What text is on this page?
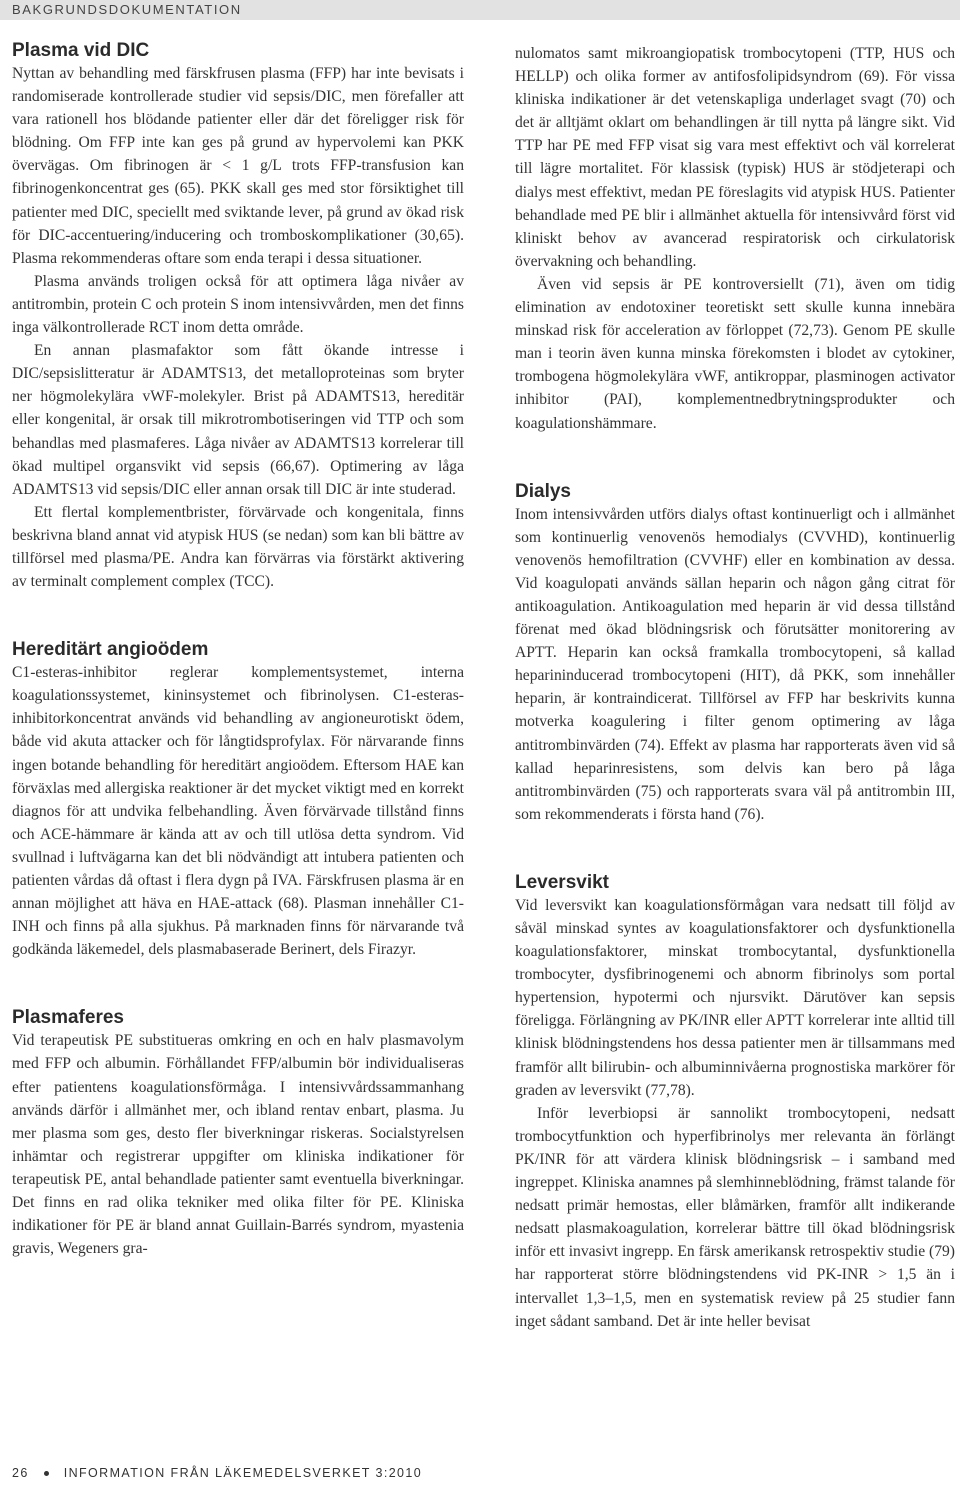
BAKGRUNDSDOKUMENTATION
Plasma vid DIC

Nyttan av behandling med färskfrusen plasma (FFP) har inte bevisats i randomiserade kontrollerade studier vid sepsis/DIC, men förefaller att vara rationell hos blödande patienter eller där det föreligger risk för blödning. Om FFP inte kan ges på grund av hypervolemi kan PKK övervägas. Om fibrinogen är < 1 g/L trots FFP-transfusion kan fibrinogenkoncentrat ges (65). PKK skall ges med stor försiktighet till patienter med DIC, speciellt med sviktande lever, på grund av ökad risk för DIC-accentuering/inducering och tromboskomplikationer (30,65). Plasma rekommenderas oftare som enda terapi i dessa situationer.

Plasma används troligen också för att optimera låga nivåer av antitrombin, protein C och protein S inom intensivvården, men det finns inga välkontrollerade RCT inom detta område.

En annan plasmafaktor som fått ökande intresse i DIC/sepsislitteratur är ADAMTS13, det metalloproteinas som bryter ner högmolekylära vWF-molekyler. Brist på ADAMTS13, hereditär eller kongenital, är orsak till mikrotrombotiseringen vid TTP och som behandlas med plasmaferes. Låga nivåer av ADAMTS13 korrelerar till ökad multipel organsvikt vid sepsis (66,67). Optimering av låga ADAMTS13 vid sepsis/DIC eller annan orsak till DIC är inte studerad.

Ett flertal komplementbrister, förvärvade och kongenitala, finns beskrivna bland annat vid atypisk HUS (se nedan) som kan bli bättre av tillförsel med plasma/PE. Andra kan förvärras via förstärkt aktivering av terminalt complement complex (TCC).

Hereditärt angioödem

C1-esteras-inhibitor reglerar komplementsystemet, interna koagulationssystemet, kininsystemet och fibrinolysen. C1-esteras-inhibitorkoncentrat används vid behandling av angioneurotiskt ödem, både vid akuta attacker och för långtidsprofylax. För närvarande finns ingen botande behandling för hereditärt angioödem. Eftersom HAE kan förväxlas med allergiska reaktioner är det mycket viktigt med en korrekt diagnos för att undvika felbehandling. Även förvärvade tillstånd finns och ACE-hämmare är kända att av och till utlösa detta syndrom. Vid svullnad i luftvägarna kan det bli nödvändigt att intubera patienten och patienten vårdas då oftast i flera dygn på IVA. Färskfrusen plasma är en annan möjlighet att häva en HAE-attack (68). Plasman innehåller C1-INH och finns på alla sjukhus. På marknaden finns för närvarande två godkända läkemedel, dels plasmabaserade Berinert, dels Firazyr.

Plasmaferes

Vid terapeutisk PE substitueras omkring en och en halv plasmavolym med FFP och albumin. Förhållandet FFP/albumin bör individualiseras efter patientens koagulationsförmåga. I intensivvårdssammanhang används därför i allmänhet mer, och ibland rentav enbart, plasma. Ju mer plasma som ges, desto fler biverkningar riskeras. Socialstyrelsen inhämtar och registrerar uppgifter om kliniska indikationer för terapeutisk PE, antal behandlade patienter samt eventuella biverkningar. Det finns en rad olika tekniker med olika filter för PE. Kliniska indikationer för PE är bland annat Guillain-Barrés syndrom, myastenia gravis, Wegeners gra-

nulomatos samt mikroangiopatisk trombocytopeni (TTP, HUS och HELLP) och olika former av antifosfolipidsyndrom (69). För vissa kliniska indikationer är det vetenskapliga underlaget svagt (70) och det är alltjämt oklart om behandlingen är till nytta på längre sikt. Vid TTP har PE med FFP visat sig vara mest effektivt och väl korrelerat till lägre mortalitet. För klassisk (typisk) HUS är stödjeterapi och dialys mest effektivt, medan PE föreslagits vid atypisk HUS. Patienter behandlade med PE blir i allmänhet aktuella för intensivvård först vid kliniskt behov av avancerad respiratorisk och cirkulatorisk övervakning och behandling.

Även vid sepsis är PE kontroversiellt (71), även om tidig elimination av endotoxiner teoretiskt sett skulle kunna innebära minskad risk för acceleration av förloppet (72,73). Genom PE skulle man i teorin även kunna minska förekomsten i blodet av cytokiner, trombogena högmolekylära vWF, antikroppar, plasminogen activator inhibitor (PAI), komplementnedbrytningsprodukter och koagulationshämmare.

Dialys

Inom intensivvården utförs dialys oftast kontinuerligt och i allmänhet som kontinuerlig venovenös hemodialys (CVVHD), kontinuerlig venovenös hemofiltration (CVVHF) eller en kombination av dessa. Vid koagulopati används sällan heparin och någon gång citrat för antikoagulation. Antikoagulation med heparin är vid dessa tillstånd förenat med ökad blödningsrisk och förutsätter monitorering av APTT. Heparin kan också framkalla trombocytopeni, så kallad heparininducerad trombocytopeni (HIT), då PKK, som innehåller heparin, är kontraindicerat. Tillförsel av FFP har beskrivits kunna motverka koagulering i filter genom optimering av låga antitrombinvärden (74). Effekt av plasma har rapporterats även vid så kallad heparinresistens, som delvis kan bero på låga antitrombinvärden (75) och rapporterats svara väl på antitrombin III, som rekommenderats i första hand (76).

Leversvikt

Vid leversvikt kan koagulationsförmågan vara nedsatt till följd av såväl minskad syntes av koagulationsfaktorer och dysfunktionella koagulationsfaktorer, minskat trombocytantal, dysfunktionella trombocyter, dysfibrinogenemi och abnorm fibrinolys som portal hypertension, hypotermi och njursvikt. Därutöver kan sepsis föreligga. Förlängning av PK/INR eller APTT korrelerar inte alltid till klinisk blödningstendens hos dessa patienter men är tillsammans med framför allt bilirubin- och albuminnivåerna prognostiska markörer för graden av leversvikt (77,78).

Inför leverbiopsi är sannolikt trombocytopeni, nedsatt trombocytfunktion och hyperfibrinolys mer relevanta än förlängt PK/INR för att värdera klinisk blödningsrisk – i samband med ingreppet. Kliniska anamnes på slemhinneblödning, främst talande för nedsatt primär hemostas, eller blåmärken, framför allt indikerande nedsatt plasmakoagulation, korrelerar bättre till ökad blödningsrisk inför ett invasivt ingrepp. En färsk amerikansk retrospektiv studie (79) har rapporterat större blödningstendens vid PK-INR > 1,5 än i intervallet 1,3–1,5, men en systematisk review på 25 studier fann inget sådant samband. Det är inte heller bevisat

26	INFORMATION FRÅN LÄKEMEDELSVERKET 3:2010
